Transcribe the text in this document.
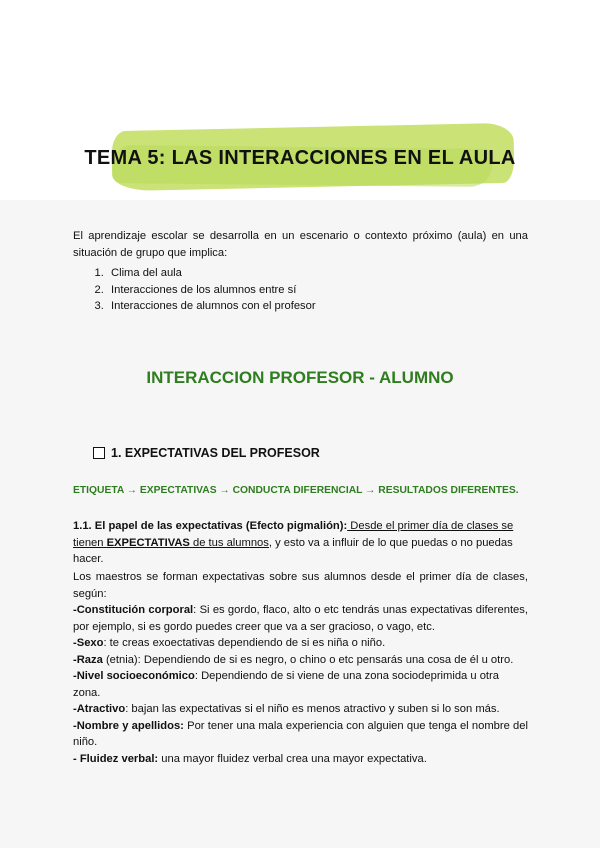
TEMA 5: LAS INTERACCIONES EN EL AULA
El aprendizaje escolar se desarrolla en un escenario o contexto próximo (aula) en una situación de grupo que implica:
1. Clima del aula
2. Interacciones de los alumnos entre sí
3. Interacciones de alumnos con el profesor
INTERACCION PROFESOR - ALUMNO
1. EXPECTATIVAS DEL PROFESOR
ETIQUETA → EXPECTATIVAS → CONDUCTA DIFERENCIAL → RESULTADOS DIFERENTES.
1.1. El papel de las expectativas (Efecto pigmalión): Desde el primer día de clases se tienen EXPECTATIVAS de tus alumnos, y esto va a influir de lo que puedas o no puedas hacer.
Los maestros se forman expectativas sobre sus alumnos desde el primer día de clases, según:
-Constitución corporal: Si es gordo, flaco, alto o etc tendrás unas expectativas diferentes, por ejemplo, si es gordo puedes creer que va a ser gracioso, o vago, etc.
-Sexo: te creas exoectativas dependiendo de si es niña o niño.
-Raza (etnia): Dependiendo de si es negro, o chino o etc pensarás una cosa de él u otro.
-Nivel socioeconómico: Dependiendo de si viene de una zona sociodeprimida u otra zona.
-Atractivo: bajan las expectativas si el niño es menos atractivo y suben si lo son más.
-Nombre y apellidos: Por tener una mala experiencia con alguien que tenga el nombre del niño.
- Fluidez verbal: una mayor fluidez verbal crea una mayor expectativa.
